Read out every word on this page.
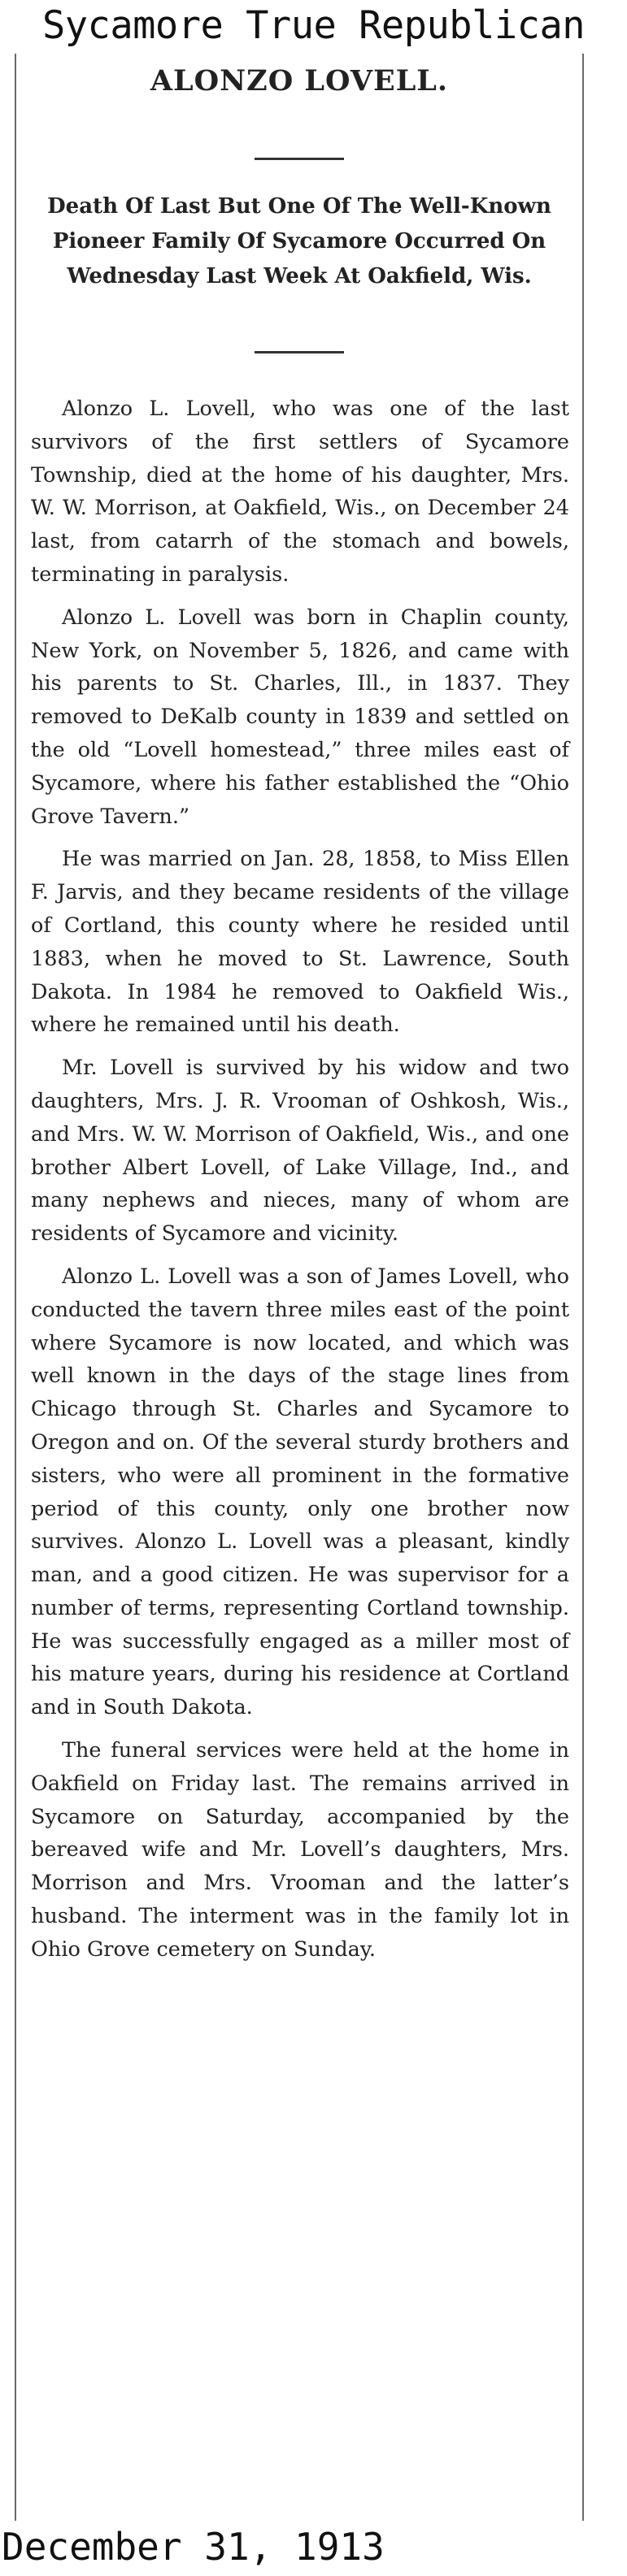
Sycamore True Republican
ALONZO LOVELL.
Death Of Last But One Of The Well-Known Pioneer Family Of Sycamore Occurred On Wednesday Last Week At Oakfield, Wis.

Alonzo L. Lovell, who was one of the last survivors of the first settlers of Sycamore Township, died at the home of his daughter, Mrs. W. W. Morrison, at Oakfield, Wis., on December 24 last, from catarrh of the stomach and bowels, terminating in paralysis.

Alonzo L. Lovell was born in Chaplin county, New York, on November 5, 1826, and came with his parents to St. Charles, Ill., in 1837. They removed to DeKalb county in 1839 and settled on the old “Lovell homestead,” three miles east of Sycamore, where his father established the “Ohio Grove Tavern.”

He was married on Jan. 28, 1858, to Miss Ellen F. Jarvis, and they became residents of the village of Cortland, this county where he resided until 1883, when he moved to St. Lawrence, South Dakota. In 1984 he removed to Oakfield Wis., where he remained until his death.

Mr. Lovell is survived by his widow and two daughters, Mrs. J. R. Vrooman of Oshkosh, Wis., and Mrs. W. W. Morrison of Oakfield, Wis., and one brother Albert Lovell, of Lake Village, Ind., and many nephews and nieces, many of whom are residents of Sycamore and vicinity.

Alonzo L. Lovell was a son of James Lovell, who conducted the tavern three miles east of the point where Sycamore is now located, and which was well known in the days of the stage lines from Chicago through St. Charles and Sycamore to Oregon and on. Of the several sturdy brothers and sisters, who were all prominent in the formative period of this county, only one brother now survives. Alonzo L. Lovell was a pleasant, kindly man, and a good citizen. He was supervisor for a number of terms, representing Cortland township. He was successfully engaged as a miller most of his mature years, during his residence at Cortland and in South Dakota.

The funeral services were held at the home in Oakfield on Friday last. The remains arrived in Sycamore on Saturday, accompanied by the bereaved wife and Mr. Lovell’s daughters, Mrs. Morrison and Mrs. Vrooman and the latter’s husband. The interment was in the family lot in Ohio Grove cemetery on Sunday.

December 31, 1913
